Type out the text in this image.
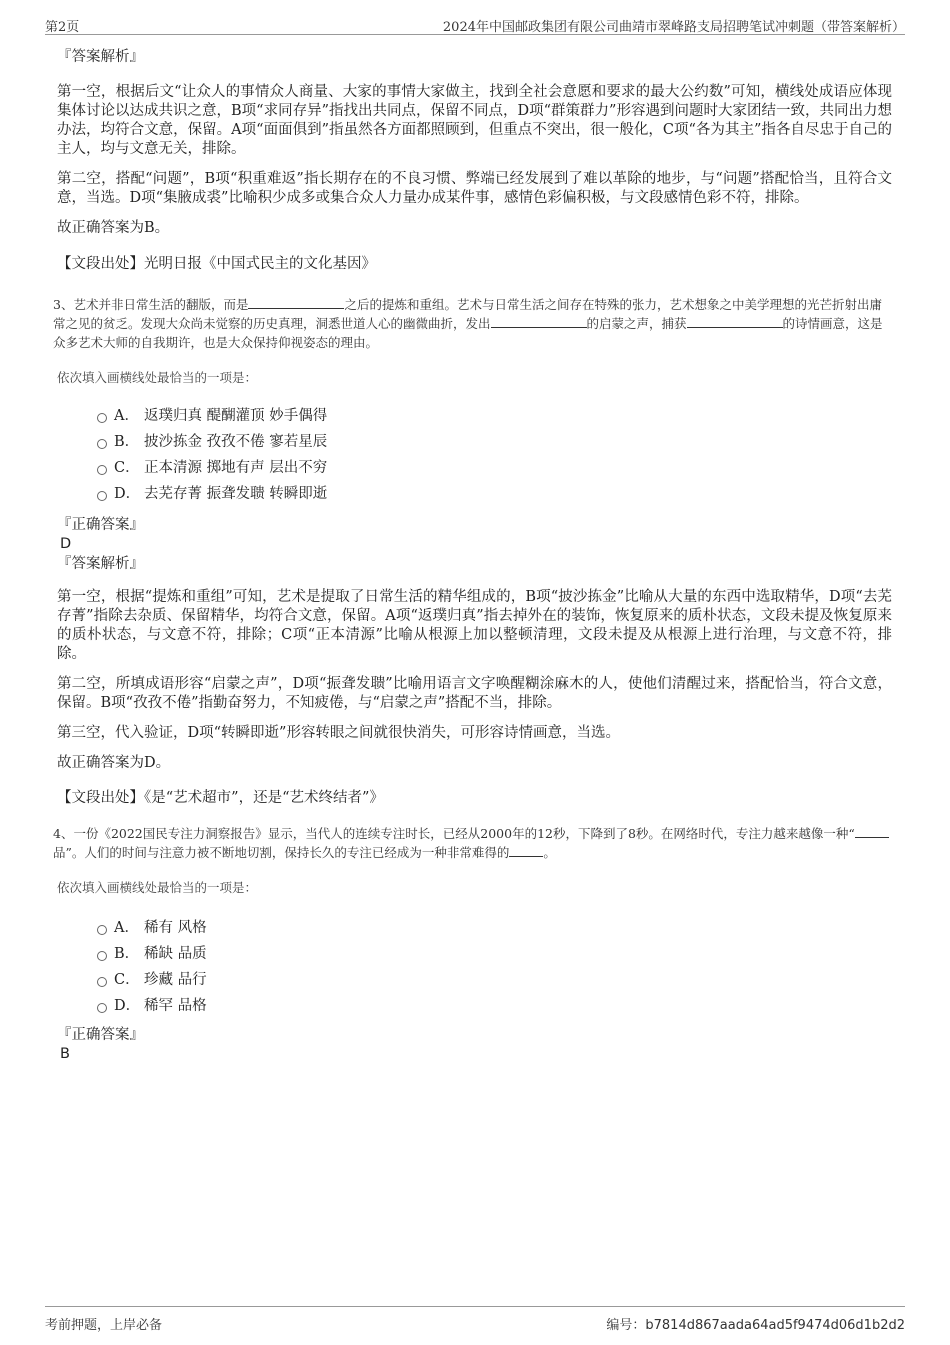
第2页	2024年中国邮政集团有限公司曲靖市翠峰路支局招聘笔试冲刺题（带答案解析）
『答案解析』

第一空，根据后文“让众人的事情众人商量、大家的事情大家做主，找到全社会意愿和要求的最大公约数”可知，横线处成语应体现集体讨论以达成共识之意，B项“求同存异”指找出共同点，保留不同点，D项“群策群力”形容遇到问题时大家团结一致，共同出力想办法，均符合文意，保留。A项“面面俱到”指虽然各方面都照顾到，但重点不突出，很一般化，C项“各为其主”指各自尽忠于自己的主人，均与文意无关，排除。

第二空，搭配“问题”，B项“积重难返”指长期存在的不良习惯、弊端已经发展到了难以革除的地步，与“问题”搭配恰当，且符合文意，当选。D项“集腋成裘”比喻积少成多或集合众人力量办成某件事，感情色彩偏积极，与文段感情色彩不符，排除。

故正确答案为B。

【文段出处】光明日报《中国式民主的文化基因》

3、艺术并非日常生活的翻版，而是	之后的提炼和重组。艺术与日常生活之间存在特殊的张力，艺术想象之中美学理想的光芒折射出庸常之见的贫乏。发现大众尚未觉察的历史真理，洞悉世道人心的幽微曲折，发出	的启蒙之声，捕获	的诗情画意，这是众多艺术大师的自我期许，也是大众保持仰视姿态的理由。

依次填入画横线处最恰当的一项是：
A． 返璞归真 醍醐灌顶 妙手偶得
B． 披沙拣金 孜孜不倦 寥若星辰
C． 正本清源 掷地有声 层出不穷
D． 去芜存菁 振聋发聩 转瞬即逝
『正确答案』
D
『答案解析』

第一空，根据“提炼和重组”可知，艺术是提取了日常生活的精华组成的，B项“披沙拣金”比喻从大量的东西中选取精华，D项“去芜存菁”指除去杂质、保留精华，均符合文意，保留。A项“返璞归真”指去掉外在的装饰，恢复原来的质朴状态，文段未提及恢复原来的质朴状态，与文意不符，排除；C项“正本清源”比喻从根源上加以整顿清理，文段未提及从根源上进行治理，与文意不符，排除。

第二空，所填成语形容“启蒙之声”，D项“振聋发聩”比喻用语言文字唤醒糊涂麻木的人，使他们清醒过来，搭配恰当，符合文意，保留。B项“孜孜不倦”指勤奋努力，不知疲倦，与“启蒙之声”搭配不当，排除。

第三空，代入验证，D项“转瞬即逝”形容转眼之间就很快消失，可形容诗情画意，当选。

故正确答案为D。

【文段出处】《是“艺术超市”，还是“艺术终结者”》

4、一份《2022国民专注力洞察报告》显示，当代人的连续专注时长，已经从2000年的12秒，下降到了8秒。在网络时代，专注力越来越像一种“品”。人们的时间与注意力被不断地切割，保持长久的专注已经成为一种非常难得的	。

依次填入画横线处最恰当的一项是：
A． 稀有 风格
B． 稀缺 品质
C． 珍藏 品行
D． 稀罕 品格
『正确答案』
B
考前押题，上岸必备	编号：b7814d867aada64ad5f9474d06d1b2d2
